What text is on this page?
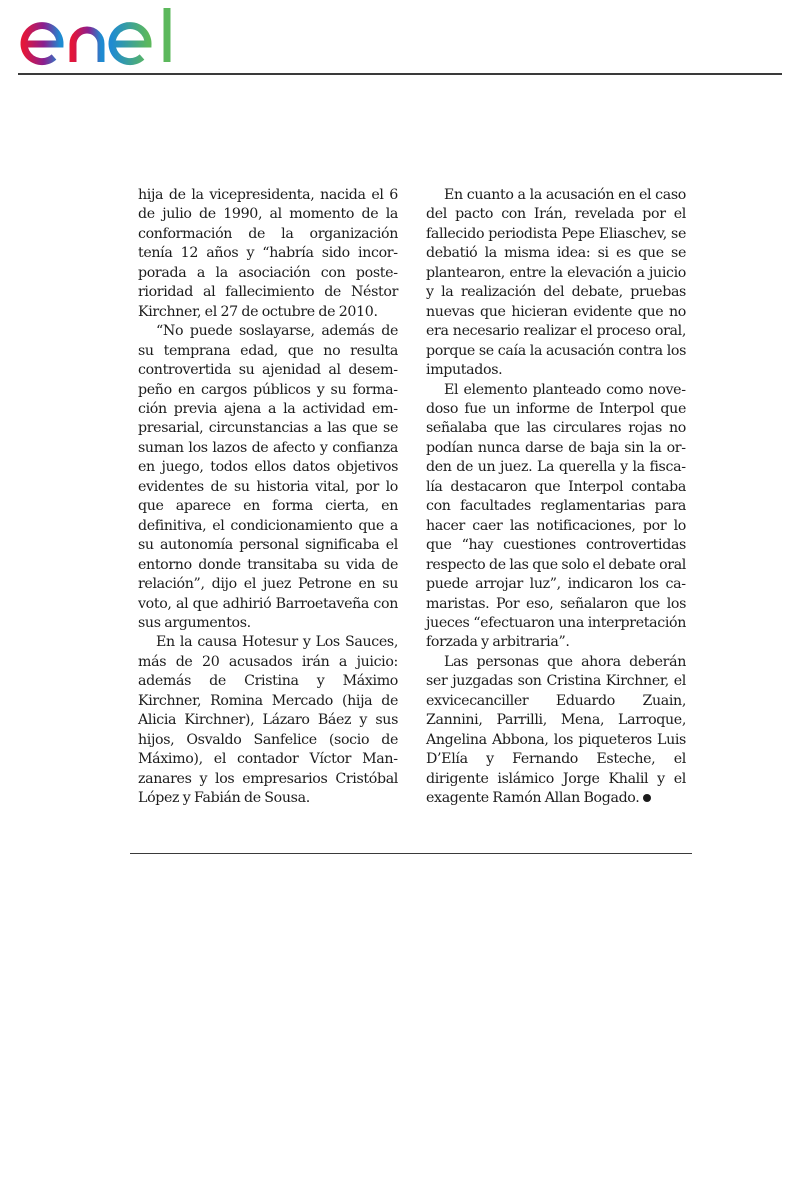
hija de la vicepresidenta, nacida el 6 de julio de 1990, al momento de la conformación de la organización tenía 12 años y “habría sido incorporada a la asociación con posterioridad al fallecimiento de Néstor Kirchner, el 27 de octubre de 2010.

“No puede soslayarse, además de su temprana edad, que no resulta controvertida su ajenidad al desempeño en cargos públicos y su formación previa ajena a la actividad empresarial, circunstancias a las que se suman los lazos de afecto y confianza en juego, todos ellos datos objetivos evidentes de su historia vital, por lo que aparece en forma cierta, en definitiva, el condicionamiento que a su autonomía personal significaba el entorno donde transitaba su vida de relación”, dijo el juez Petrone en su voto, al que adhirió Barroetaveña con sus argumentos.

En la causa Hotesur y Los Sauces, más de 20 acusados irán a juicio: además de Cristina y Máximo Kirchner, Romina Mercado (hija de Alicia Kirchner), Lázaro Báez y sus hijos, Osvaldo Sanfelice (socio de Máximo), el contador Víctor Manzanares y los empresarios Cristóbal López y Fabián de Sousa.

En cuanto a la acusación en el caso del pacto con Irán, revelada por el fallecido periodista Pepe Eliaschev, se debatió la misma idea: si es que se plantearon, entre la elevación a juicio y la realización del debate, pruebas nuevas que hicieran evidente que no era necesario realizar el proceso oral, porque se caía la acusación contra los imputados.

El elemento planteado como novedoso fue un informe de Interpol que señalaba que las circulares rojas no podían nunca darse de baja sin la orden de un juez. La querella y la fiscalía destacaron que Interpol contaba con facultades reglamentarias para hacer caer las notificaciones, por lo que “hay cuestiones controvertidas respecto de las que solo el debate oral puede arrojar luz”, indicaron los camaristas. Por eso, señalaron que los jueces “efectuaron una interpretación forzada y arbitraria”.

Las personas que ahora deberán ser juzgadas son Cristina Kirchner, el exvicecanciller Eduardo Zuain, Zannini, Parrilli, Mena, Larroque, Angelina Abbona, los piqueteros Luis D’Elía y Fernando Esteche, el dirigente islámico Jorge Khalil y el exagente Ramón Allan Bogado.
